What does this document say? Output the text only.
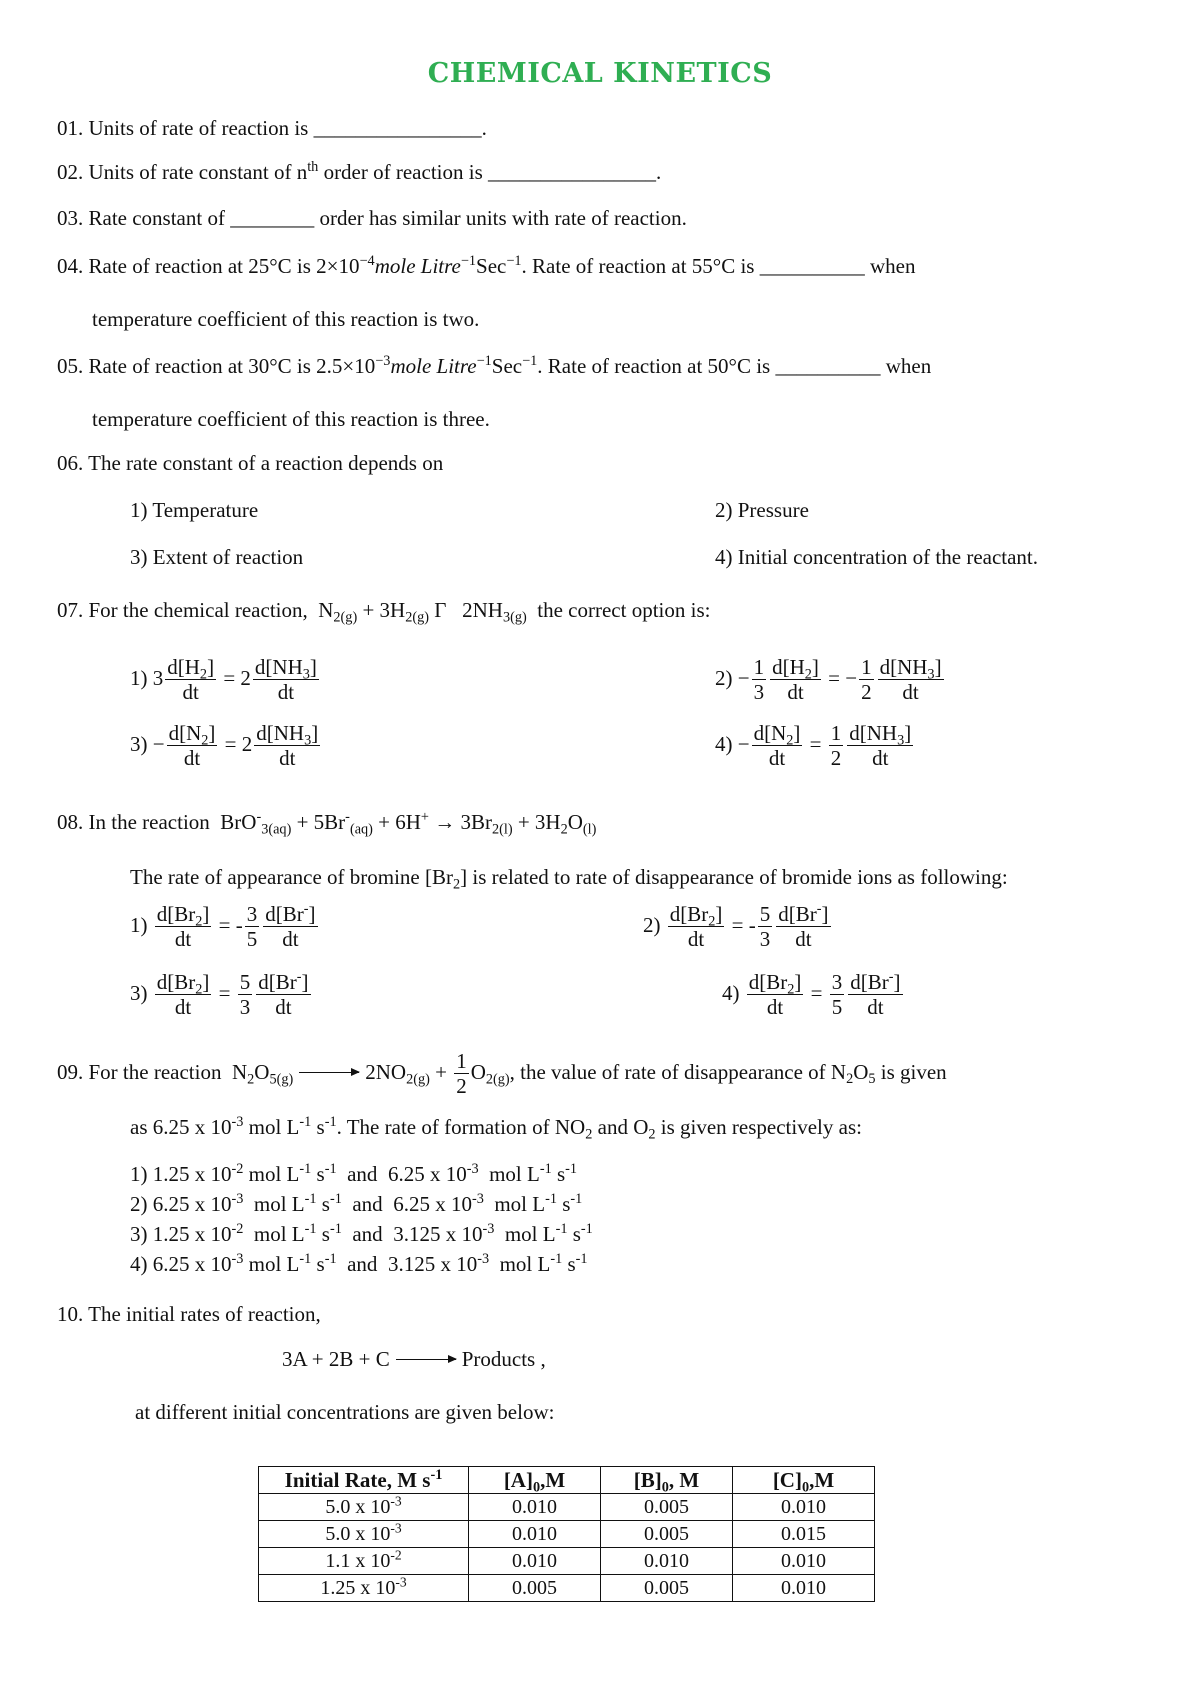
CHEMICAL KINETICS
01. Units of rate of reaction is ________________.
02. Units of rate constant of $n^{th}$ order of reaction is ________________.
03. Rate constant of ________ order has similar units with rate of reaction.
04. Rate of reaction at 25°C is $2\times 10^{-4}mole$ Litre$^{-1}$Sec$^{-1}$. Rate of reaction at 55°C is __________ when
temperature coefficient of this reaction is two.
05. Rate of reaction at 30°C is $2.5\times 10^{-3}mole$ Litre$^{-1}$Sec$^{-1}$. Rate of reaction at 50°C is __________ when
temperature coefficient of this reaction is three.
06. The rate constant of a reaction depends on
1) Temperature	2) Pressure
3) Extent of reaction	4) Initial concentration of the reactant.
07. For the chemical reaction,  $N_{2(g)} + 3H_{2(g)}$ Γ   $2NH_{3(g)}$ the correct option is:
1) $3 \frac{d[H_2]}{dt} = 2 \frac{d[NH_3]}{dt}$	$2) - \frac{1}{3} \frac{d[H_2]}{dt}$ = − $\frac{1}{2} \frac{d[NH_3]}{dt}$
$3) - \frac{d[N_2]}{dt} = 2 \frac{d[NH_3]}{dt}$	$4) - \frac{d[N_2]}{dt} = \frac{1}{2} \frac{d[NH_3]}{dt}$
08. In the reaction  $BrO^-_{3(aq)} + 5Br^-_{(aq)} + 6H^+ \to 3Br_{2(l)} + 3H_2O_{(l)}$
The rate of appearance of bromine $[Br_2]$ is related to rate of disappearance of bromide ions as following:
$1) \frac{d[Br_2]}{dt}$ = - $\frac{3}{5} \frac{d[Br^-]}{dt}$	$2) \frac{d[Br_2]}{dt}$ = - $\frac{5}{3} \frac{d[Br^-]}{dt}$
$3) \frac{d[Br_2]}{dt} = \frac{5}{3} \frac{d[Br^-]}{dt}$	$4) \frac{d[Br_2]}{dt} = \frac{3}{5} \frac{d[Br^-]}{dt}$
09. For the reaction  $N_2O_{5(g)}$	$2NO_{2(g)} + \frac{1}{2} O_{2(g)}$, the value of rate of disappearance of $N_2O_5$ is given
as 6.25 x $10^{-3}$ mol $L^{-1}$ $s^{-1}$. The rate of formation of $NO_2$ and $O_2$ is given respectively as:
1) 1.25 x $10^{-2}$ mol $L^{-1}$ $s^{-1}$  and  6.25 x $10^{-3}$  mol $L^{-1}$ $s^{-1}$
2) 6.25 x $10^{-3}$  mol $L^{-1}$ $s^{-1}$  and  6.25 x $10^{-3}$  mol $L^{-1}$ $s^{-1}$
3) 1.25 x $10^{-2}$  mol $L^{-1}$ $s^{-1}$  and  3.125 x $10^{-3}$  mol $L^{-1}$ $s^{-1}$
4) 6.25 x $10^{-3}$ mol $L^{-1}$ $s^{-1}$  and  3.125 x $10^{-3}$  mol $L^{-1}$ $s^{-1}$
10. The initial rates of reaction,
3A + 2B + C	Products ,
at different initial concentrations are given below:
Initial Rate, M $s^{-1}$	$[A]_0,M$	$[B]_0$, M	$[C]_0,M$
5.0 x $10^{-3}$	0.010	0.005	0.010
5.0 x $10^{-3}$	0.010	0.005	0.015
1.1 x $10^{-2}$	0.010	0.010	0.010
1.25 x $10^{-3}$	0.005	0.005	0.010
